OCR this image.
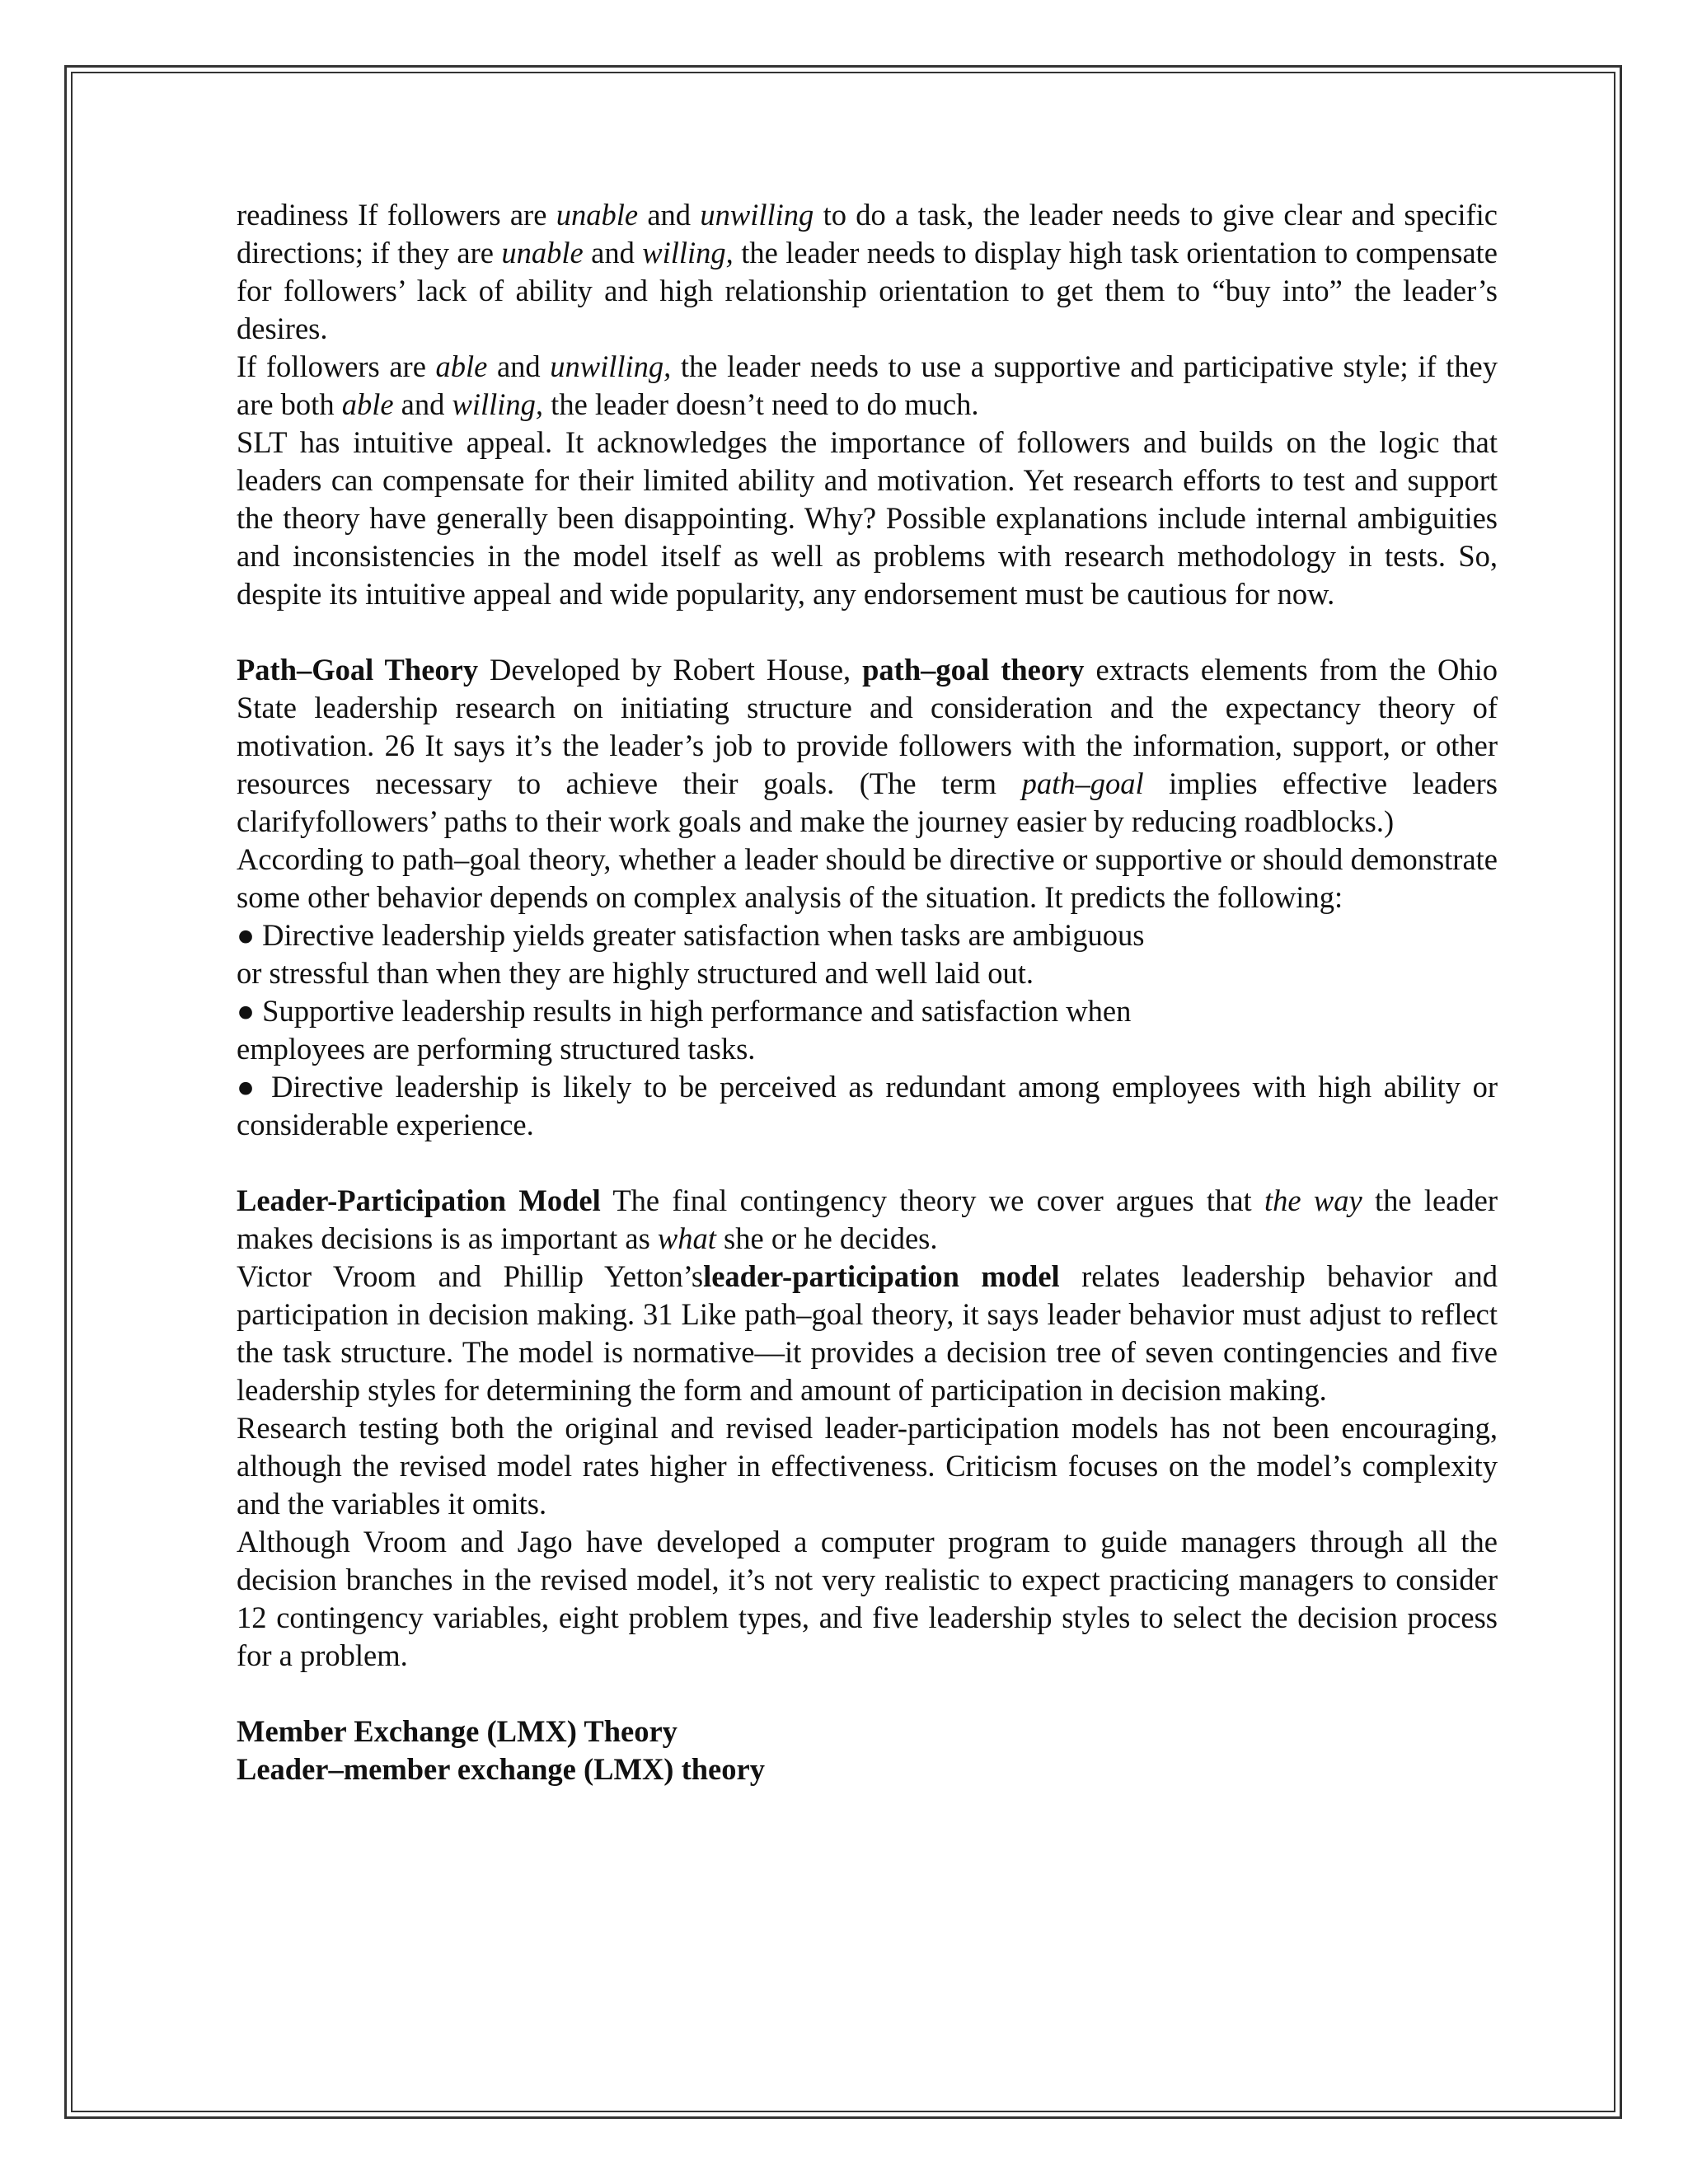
readiness If followers are unable and unwilling to do a task, the leader needs to give clear and specific directions; if they are unable and willing, the leader needs to display high task orientation to compensate for followers’ lack of ability and high relationship orientation to get them to “buy into” the leader’s desires.

If followers are able and unwilling, the leader needs to use a supportive and participative style; if they are both able and willing, the leader doesn’t need to do much.

SLT has intuitive appeal. It acknowledges the importance of followers and builds on the logic that leaders can compensate for their limited ability and motivation. Yet research efforts to test and support the theory have generally been disappointing. Why? Possible explanations include internal ambiguities and inconsistencies in the model itself as well as problems with research methodology in tests. So, despite its intuitive appeal and wide popularity, any endorsement must be cautious for now.

Path–Goal Theory Developed by Robert House, path–goal theory extracts elements from the Ohio State leadership research on initiating structure and consideration and the expectancy theory of motivation. 26 It says it’s the leader’s job to provide followers with the information, support, or other resources necessary to achieve their goals. (The term path–goal implies effective leaders clarifyfollowers’ paths to their work goals and make the journey easier by reducing roadblocks.)

According to path–goal theory, whether a leader should be directive or supportive or should demonstrate some other behavior depends on complex analysis of the situation. It predicts the following:

● Directive leadership yields greater satisfaction when tasks are ambiguous

or stressful than when they are highly structured and well laid out.

● Supportive leadership results in high performance and satisfaction when

employees are performing structured tasks.

● Directive leadership is likely to be perceived as redundant among employees with high ability or considerable experience.

Leader-Participation Model The final contingency theory we cover argues that the way the leader makes decisions is as important as what she or he decides.

Victor Vroom and Phillip Yetton’sleader-participation model relates leadership behavior and participation in decision making. 31 Like path–goal theory, it says leader behavior must adjust to reflect the task structure. The model is normative—it provides a decision tree of seven contingencies and five leadership styles for determining the form and amount of participation in decision making.

Research testing both the original and revised leader-participation models has not been encouraging, although the revised model rates higher in effectiveness. Criticism focuses on the model’s complexity and the variables it omits.

Although Vroom and Jago have developed a computer program to guide managers through all the decision branches in the revised model, it’s not very realistic to expect practicing managers to consider 12 contingency variables, eight problem types, and five leadership styles to select the decision process for a problem.

Member Exchange (LMX) Theory

Leader–member exchange (LMX) theory
